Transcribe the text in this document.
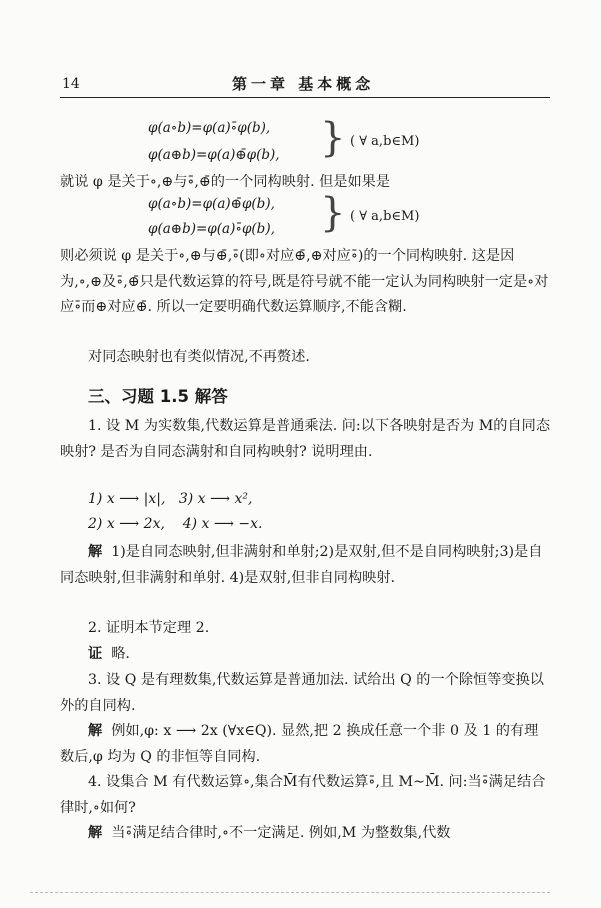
14	第一章 基本概念
φ(a∘b)=φ(a)∘̄φ(b),
φ(a⊕b)=φ(a)⊕̄φ(b), } ( ∀ a,b∈M)
就说 φ 是关于∘,⊕与∘̄,⊕̄的一个同构映射. 但是如果是
φ(a∘b)=φ(a)⊕̄φ(b),
φ(a⊕b)=φ(a)∘̄φ(b), } ( ∀ a,b∈M)
则必须说 φ 是关于∘,⊕与⊕̄,∘̄(即∘对应⊕̄,⊕对应∘̄)的一个同构映射. 这是因为,∘,⊕及∘̄,⊕̄只是代数运算的符号,既是符号就不能一定认为同构映射一定是∘对应∘̄而⊕对应⊕̄. 所以一定要明确代数运算顺序,不能含糊.
对同态映射也有类似情况,不再赘述.
三、习题 1.5 解答
1. 设 M 为实数集,代数运算是普通乘法. 问:以下各映射是否为 M的自同态映射? 是否为自同态满射和自同构映射? 说明理由.
1) x ⟶ |x|,   3) x ⟶ x²,
2) x ⟶ 2x,    4) x ⟶ −x.
解 1)是自同态映射,但非满射和单射;2)是双射,但不是自同构映射;3)是自同态映射,但非满射和单射. 4)是双射,但非自同构映射.
2. 证明本节定理 2.
证 略.
3. 设 Q 是有理数集,代数运算是普通加法. 试给出 Q 的一个除恒等变换以外的自同构.
解 例如,φ: x ⟶ 2x (∀x∈Q). 显然,把 2 换成任意一个非 0 及 1 的有理数后,φ 均为 Q 的非恒等自同构.
4. 设集合 M 有代数运算∘,集合M̄有代数运算∘̄,且 M∼M̄. 问:当∘̄满足结合律时,∘如何?
解 当∘̄满足结合律时,∘不一定满足. 例如,M 为整数集,代数
